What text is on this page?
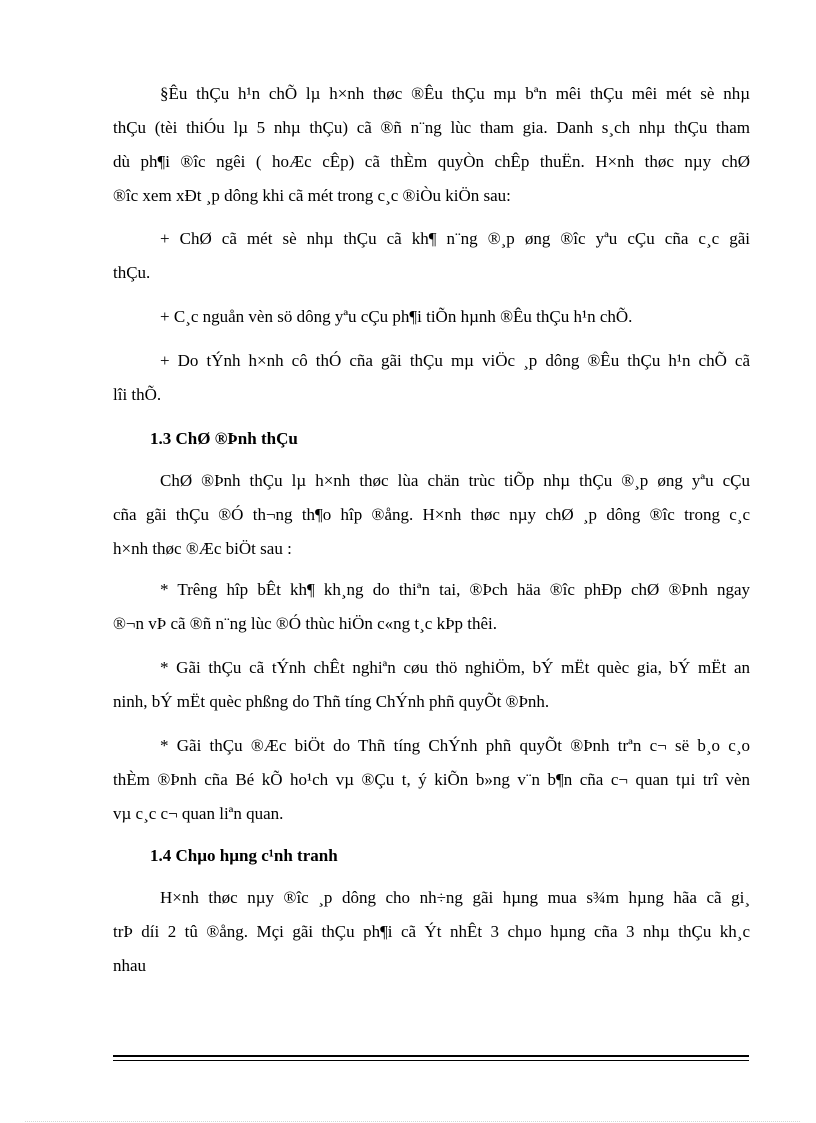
§Êu thÇu h¹n chÕ lµ h×nh thøc ®Êu thÇu mµ bªn mêi thÇu mêi mét sè nhµ
thÇu (tèi thiÓu lµ 5 nhµ thÇu) cã ®ñ n¨ng lùc tham gia. Danh s¸ch nhµ thÇu tham
dù ph¶i ®îc ngêi ( hoÆc cÊp) cã thÈm quyÒn chÊp thuËn. H×nh thøc nµy chØ
®îc xem xÐt ¸p dông khi cã mét trong c¸c ®iÒu kiÖn sau:
+ ChØ cã mét sè nhµ thÇu cã kh¶ n¨ng ®¸p øng ®îc yªu cÇu cña c¸c gãi
thÇu.
+ C¸c nguån vèn sö dông yªu cÇu ph¶i tiÕn hµnh ®Êu thÇu h¹n chÕ.
+ Do tÝnh h×nh cô thÓ cña gãi thÇu mµ viÖc ¸p dông ®Êu thÇu h¹n chÕ cã
lîi thÕ.
1.3 ChØ ®Þnh thÇu
ChØ ®Þnh thÇu lµ h×nh thøc lùa chän trùc tiÕp nhµ thÇu ®¸p øng yªu cÇu
cña gãi thÇu ®Ó th¬ng th¶o hîp ®ång. H×nh thøc nµy chØ ¸p dông ®îc trong c¸c
h×nh thøc ®Æc biÖt sau :
* Trêng hîp bÊt kh¶ kh¸ng do thiªn tai, ®Þch häa ®îc phÐp chØ ®Þnh ngay
®¬n vÞ cã ®ñ n¨ng lùc ®Ó thùc hiÖn c«ng t¸c kÞp thêi.
* Gãi thÇu cã tÝnh chÊt nghiªn cøu thö nghiÖm, bÝ mËt quèc gia, bÝ mËt an
ninh, bÝ mËt quèc phßng do Thñ tíng ChÝnh phñ quyÕt ®Þnh.
* Gãi thÇu ®Æc biÖt do Thñ tíng ChÝnh phñ quyÕt ®Þnh trªn c¬ së b¸o c¸o
thÈm ®Þnh cña Bé kÕ ho¹ch vµ ®Çu t, ý kiÕn b»ng v¨n b¶n cña c¬ quan tµi trî vèn
vµ c¸c c¬ quan liªn quan.
1.4 Chµo hµng c¹nh tranh
H×nh thøc nµy ®îc ¸p dông cho nh÷ng gãi hµng mua s¾m hµng hãa cã gi¸
trÞ díi 2 tû ®ång. Mçi gãi thÇu ph¶i cã Ýt nhÊt 3 chµo hµng cña 3 nhµ thÇu kh¸c
nhau
